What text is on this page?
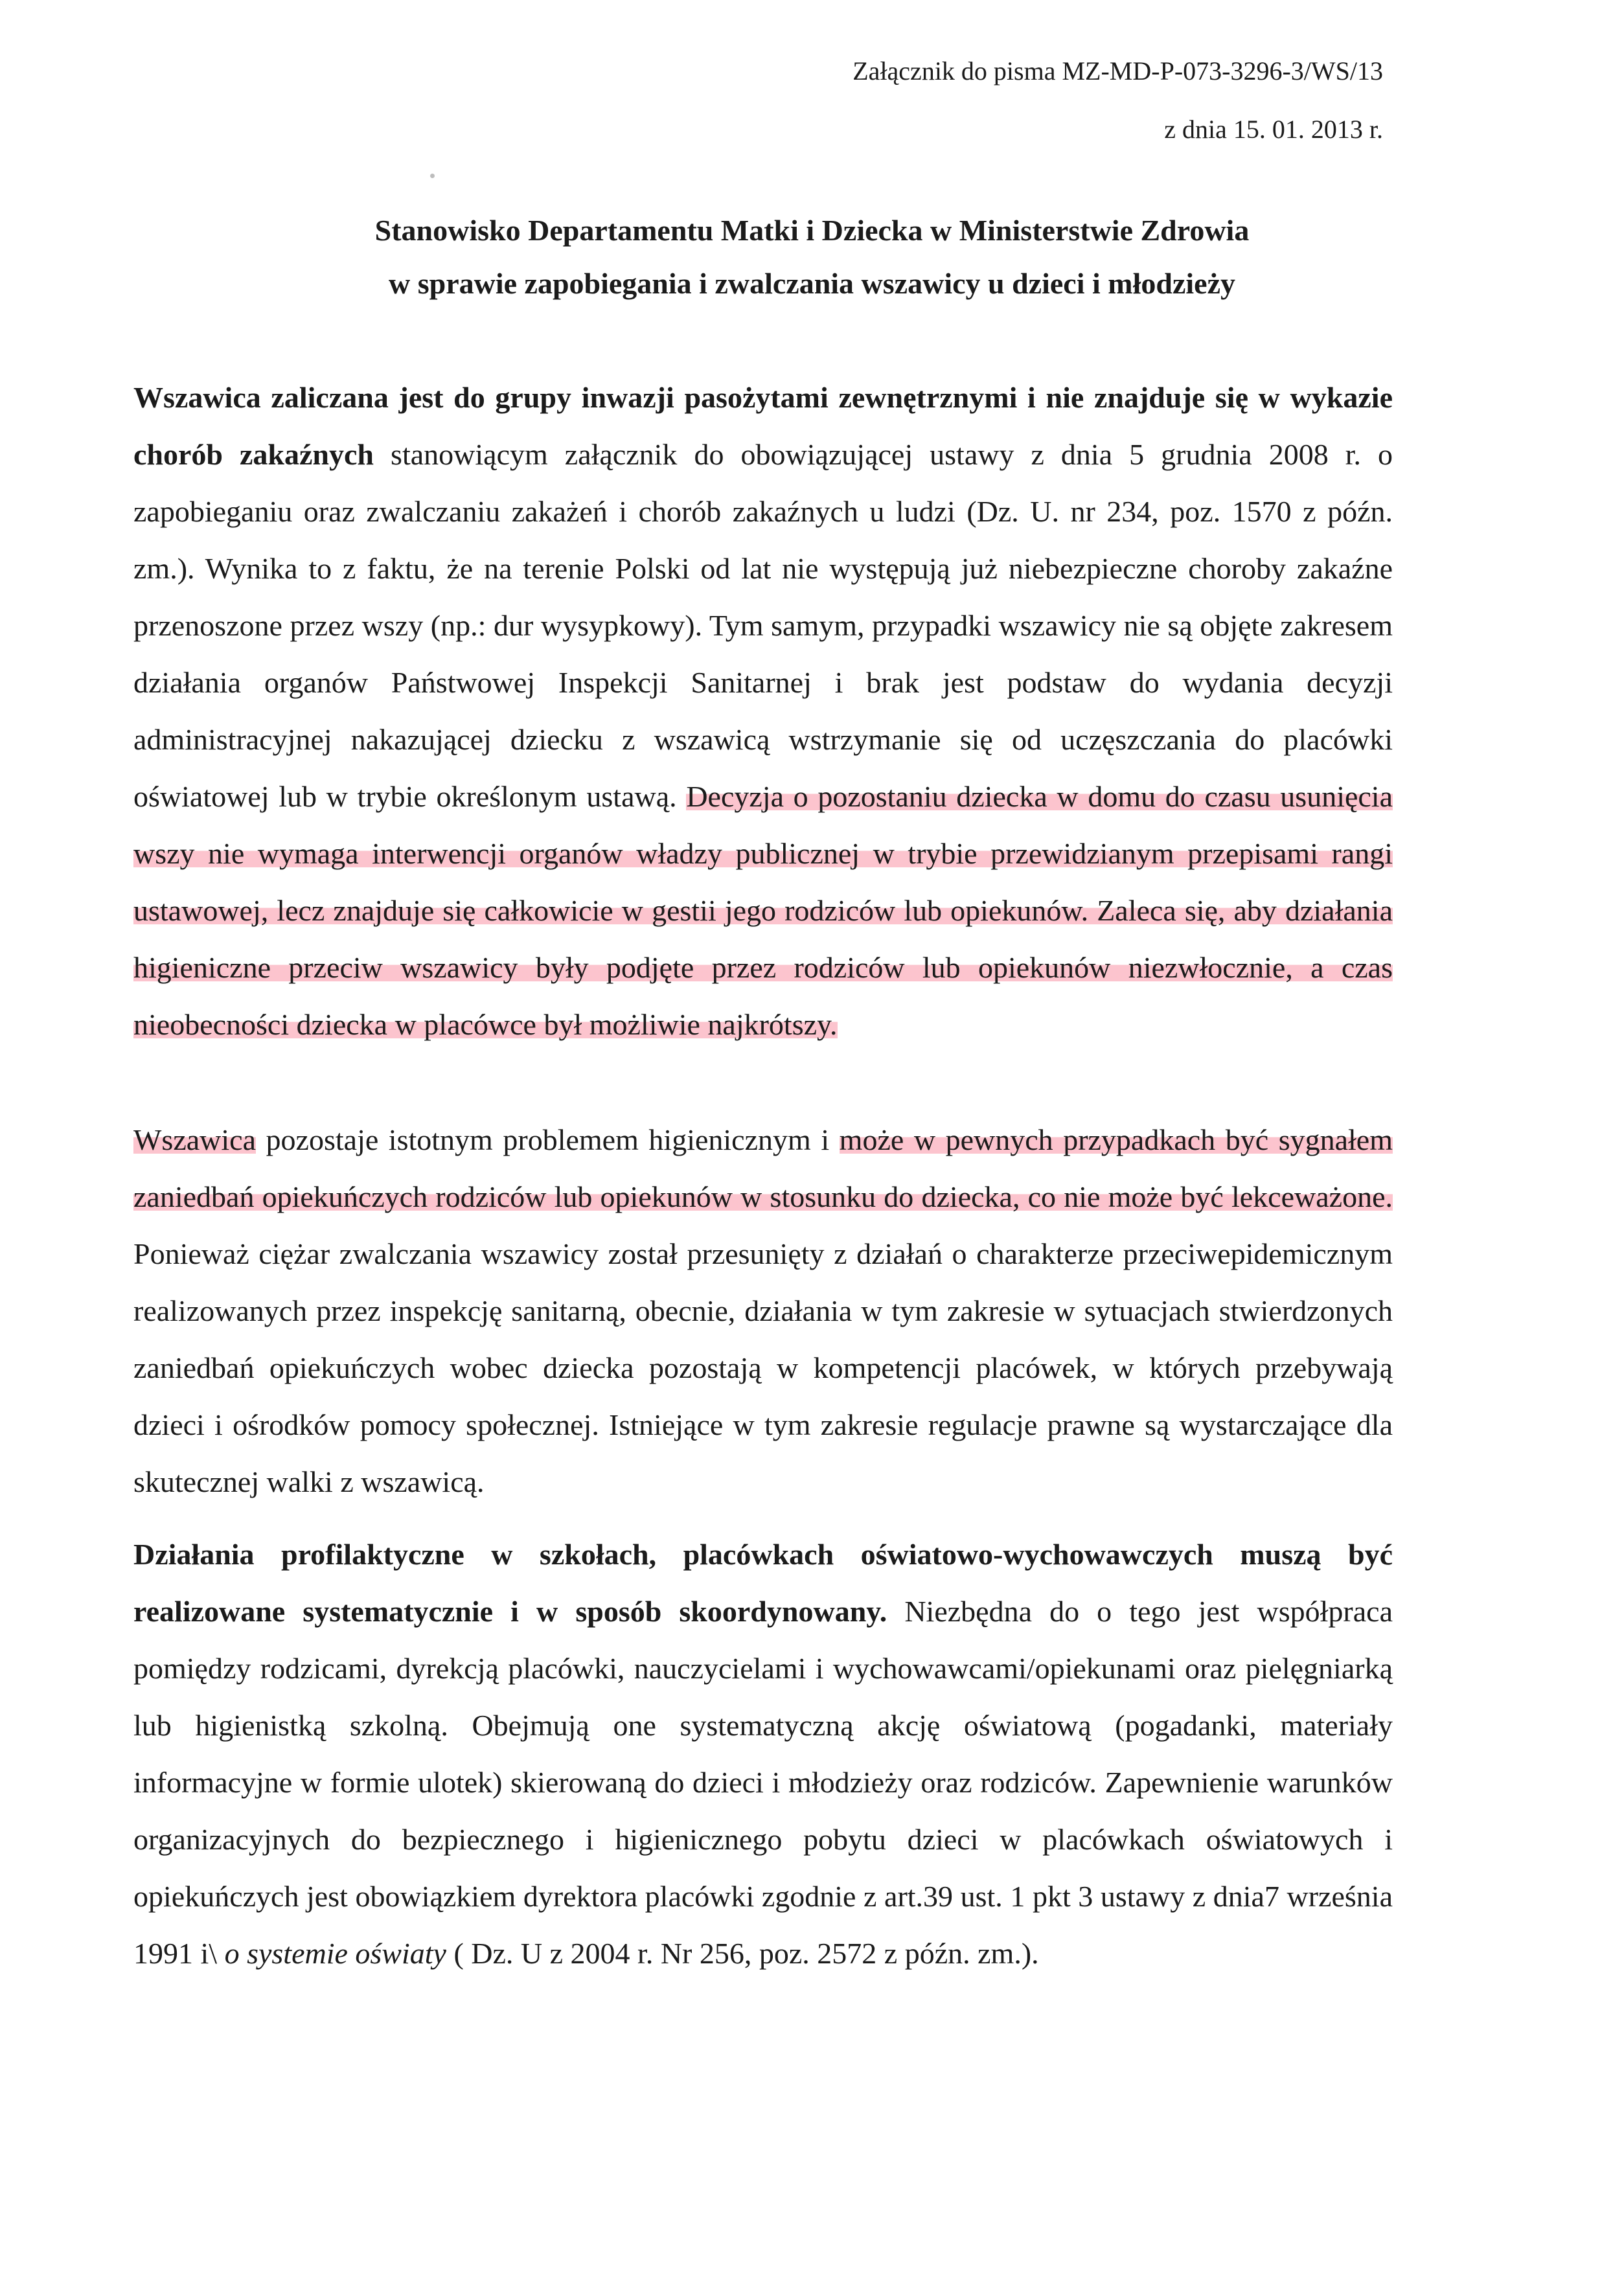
Załącznik do pisma MZ-MD-P-073-3296-3/WS/13
z dnia 15. 01. 2013 r.
Stanowisko Departamentu Matki i Dziecka w Ministerstwie Zdrowia
w sprawie zapobiegania i zwalczania wszawicy u dzieci i młodzieży
Wszawica zaliczana jest do grupy inwazji pasożytami zewnętrznymi i nie znajduje się w wykazie chorób zakaźnych stanowiącym załącznik do obowiązującej ustawy z dnia 5 grudnia 2008 r. o zapobieganiu oraz zwalczaniu zakażeń i chorób zakaźnych u ludzi (Dz. U. nr 234, poz. 1570 z późn. zm.). Wynika to z faktu, że na terenie Polski od lat nie występują już niebezpieczne choroby zakaźne przenoszone przez wszy (np.: dur wysypkowy). Tym samym, przypadki wszawicy nie są objęte zakresem działania organów Państwowej Inspekcji Sanitarnej i brak jest podstaw do wydania decyzji administracyjnej nakazującej dziecku z wszawicą wstrzymanie się od uczęszczania do placówki oświatowej lub w trybie określonym ustawą. Decyzja o pozostaniu dziecka w domu do czasu usunięcia wszy nie wymaga interwencji organów władzy publicznej w trybie przewidzianym przepisami rangi ustawowej, lecz znajduje się całkowicie w gestii jego rodziców lub opiekunów. Zaleca się, aby działania higieniczne przeciw wszawicy były podjęte przez rodziców lub opiekunów niezwłocznie, a czas nieobecności dziecka w placówce był możliwie najkrótszy.
Wszawica pozostaje istotnym problemem higienicznym i może w pewnych przypadkach być sygnałem zaniedbań opiekuńczych rodziców lub opiekunów w stosunku do dziecka, co nie może być lekceważone. Ponieważ ciężar zwalczania wszawicy został przesunięty z działań o charakterze przeciwepidemicznym realizowanych przez inspekcję sanitarną, obecnie, działania w tym zakresie w sytuacjach stwierdzonych zaniedbań opiekuńczych wobec dziecka pozostają w kompetencji placówek, w których przebywają dzieci i ośrodków pomocy społecznej. Istniejące w tym zakresie regulacje prawne są wystarczające dla skutecznej walki z wszawicą.
Działania profilaktyczne w szkołach, placówkach oświatowo-wychowawczych muszą być realizowane systematycznie i w sposób skoordynowany. Niezbędna do o tego jest współpraca pomiędzy rodzicami, dyrekcją placówki, nauczycielami i wychowawcami/opiekunami oraz pielęgniarką lub higienistką szkolną. Obejmują one systematyczną akcję oświatową (pogadanki, materiały informacyjne w formie ulotek) skierowaną do dzieci i młodzieży oraz rodziców. Zapewnienie warunków organizacyjnych do bezpiecznego i higienicznego pobytu dzieci w placówkach oświatowych i opiekuńczych jest obowiązkiem dyrektora placówki zgodnie z art.39 ust. 1 pkt 3 ustawy z dnia7 września 1991 i\ o systemie oświaty ( Dz. U z 2004 r. Nr 256, poz. 2572 z późn. zm.).
